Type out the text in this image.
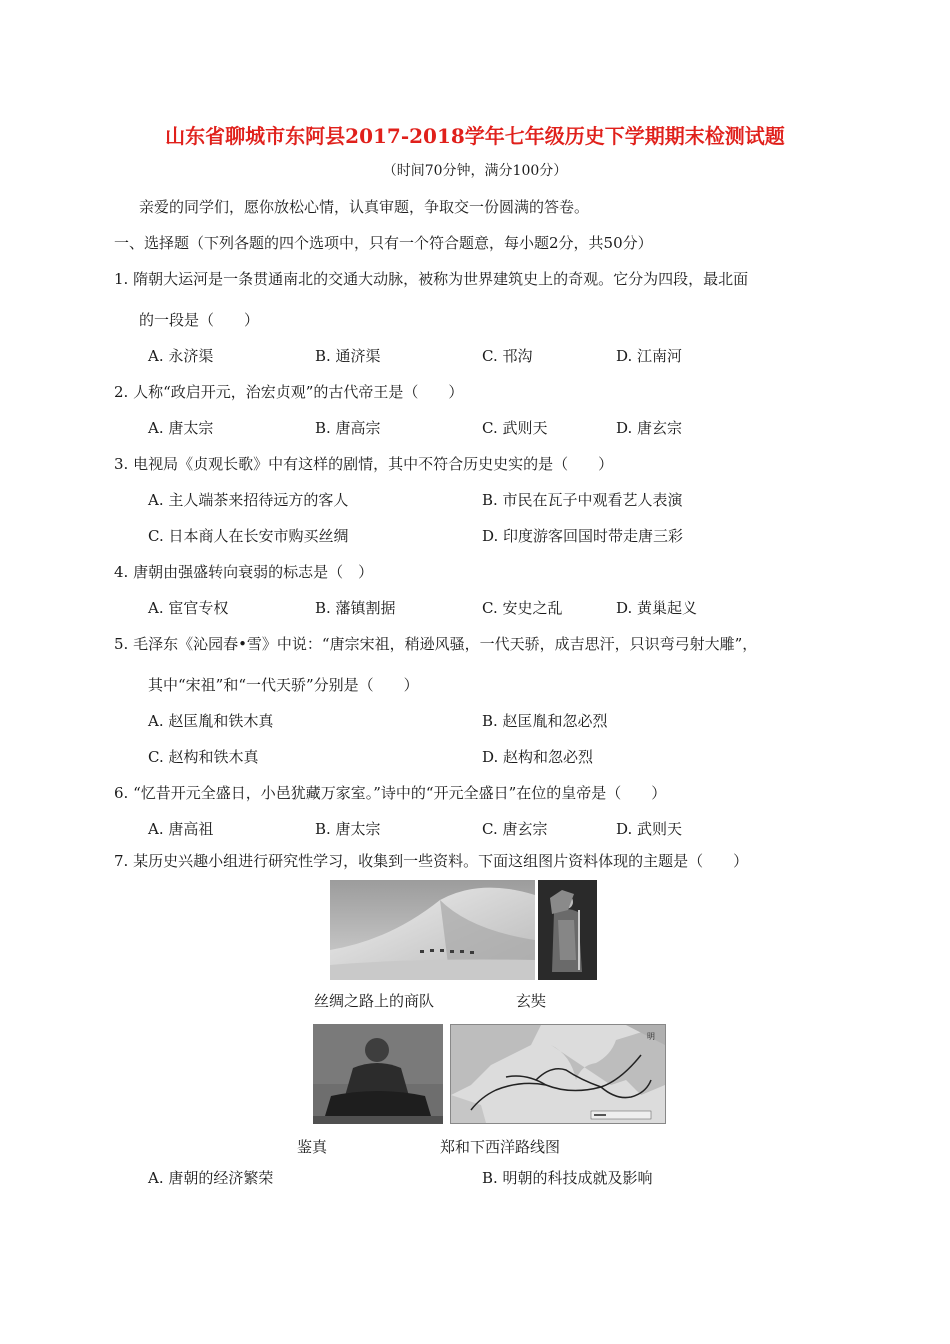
山东省聊城市东阿县2017-2018学年七年级历史下学期期末检测试题
（时间70分钟，满分100分）
亲爱的同学们，愿你放松心情，认真审题，争取交一份圆满的答卷。
一、选择题（下列各题的四个选项中，只有一个符合题意，每小题2分，共50分）
1. 隋朝大运河是一条贯通南北的交通大动脉，被称为世界建筑史上的奇观。它分为四段，最北面
的一段是（　　）
A. 永济渠	B. 通济渠	C. 邗沟	D. 江南河
2. 人称“政启开元，治宏贞观”的古代帝王是（　　）
A. 唐太宗	B. 唐高宗	C. 武则天	D. 唐玄宗
3. 电视局《贞观长歌》中有这样的剧情，其中不符合历史史实的是（　　）
A. 主人端茶来招待远方的客人	B. 市民在瓦子中观看艺人表演
C. 日本商人在长安市购买丝绸	D. 印度游客回国时带走唐三彩
4. 唐朝由强盛转向衰弱的标志是（　）
A. 宦官专权	B. 藩镇割据	C. 安史之乱	D. 黄巢起义
5. 毛泽东《沁园春•雪》中说：“唐宗宋祖，稍逊风骚，一代天骄，成吉思汗，只识弯弓射大雕”，
其中“宋祖”和“一代天骄”分别是（　　）
A. 赵匡胤和铁木真	B. 赵匡胤和忽必烈
C. 赵构和铁木真	D. 赵构和忽必烈
6. “忆昔开元全盛日，小邑犹藏万家室。”诗中的“开元全盛日”在位的皇帝是（　　）
A. 唐高祖	B. 唐太宗	C. 唐玄宗	D. 武则天
7. 某历史兴趣小组进行研究性学习，收集到一些资料。下面这组图片资料体现的主题是（　　）
丝绸之路上的商队	玄奘
明
鉴真	郑和下西洋路线图
A. 唐朝的经济繁荣	B. 明朝的科技成就及影响
